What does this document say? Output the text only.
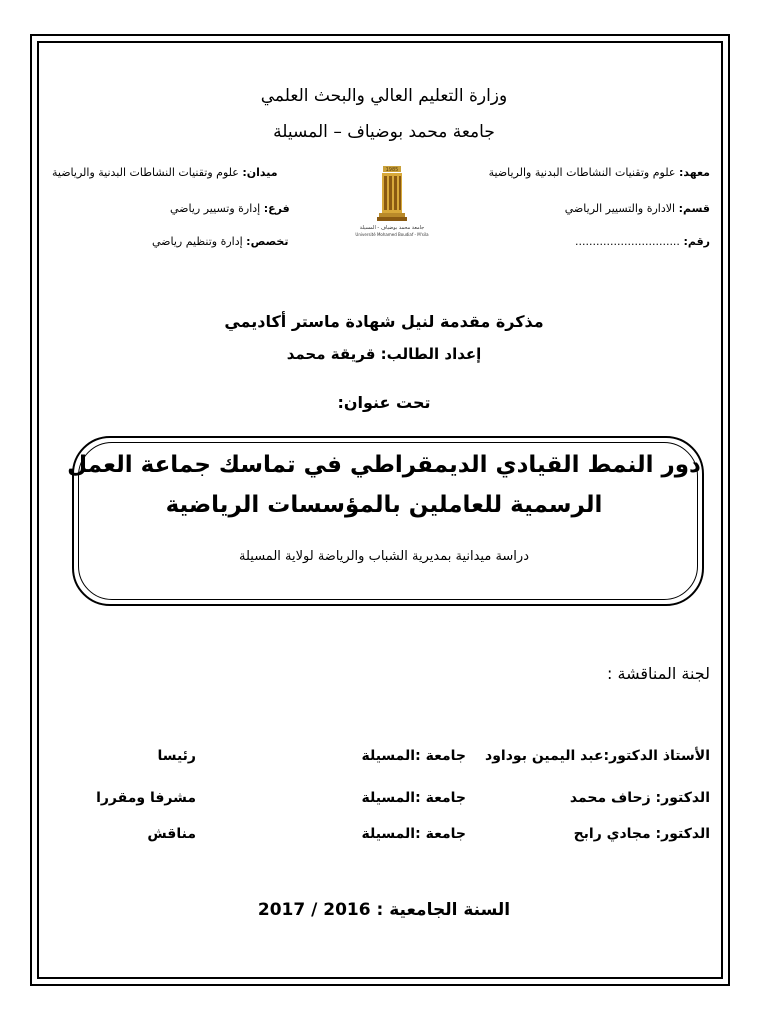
وزارة التعليم العالي والبحث العلمي
جامعة محمد بوضياف – المسيلة
معهد: علوم وتقنيات النشاطات البدنية والرياضية
قسم: الادارة والتسيير الرياضي
رقم: ..............................
ميدان: علوم وتقنيات النشاطات البدنية والرياضية
فرع: إدارة وتسيير رياضي
تخصص: إدارة وتنظيم رياضي
1985
جامعة محمد بوضياف - المسيلة
Université Mohamed Boudiaf - M'sila
مذكرة مقدمة لنيل شهادة ماستر أكاديمي
إعداد الطالب: قريقة محمد
تحت عنوان:
دور النمط القيادي الديمقراطي في تماسك جماعة العمل
الرسمية للعاملين بالمؤسسات الرياضية
دراسة ميدانية بمديرية الشباب والرياضة لولاية المسيلة
لجنة المناقشة :
الأستاذ الدكتور:عبد اليمين بوداود
جامعة :المسيلة
رئيسا
الدكتور: زحاف محمد
جامعة :المسيلة
مشرفا ومقررا
الدكتور: مجادي رابح
جامعة :المسيلة
مناقش
السنة الجامعية : 2016 / 2017
